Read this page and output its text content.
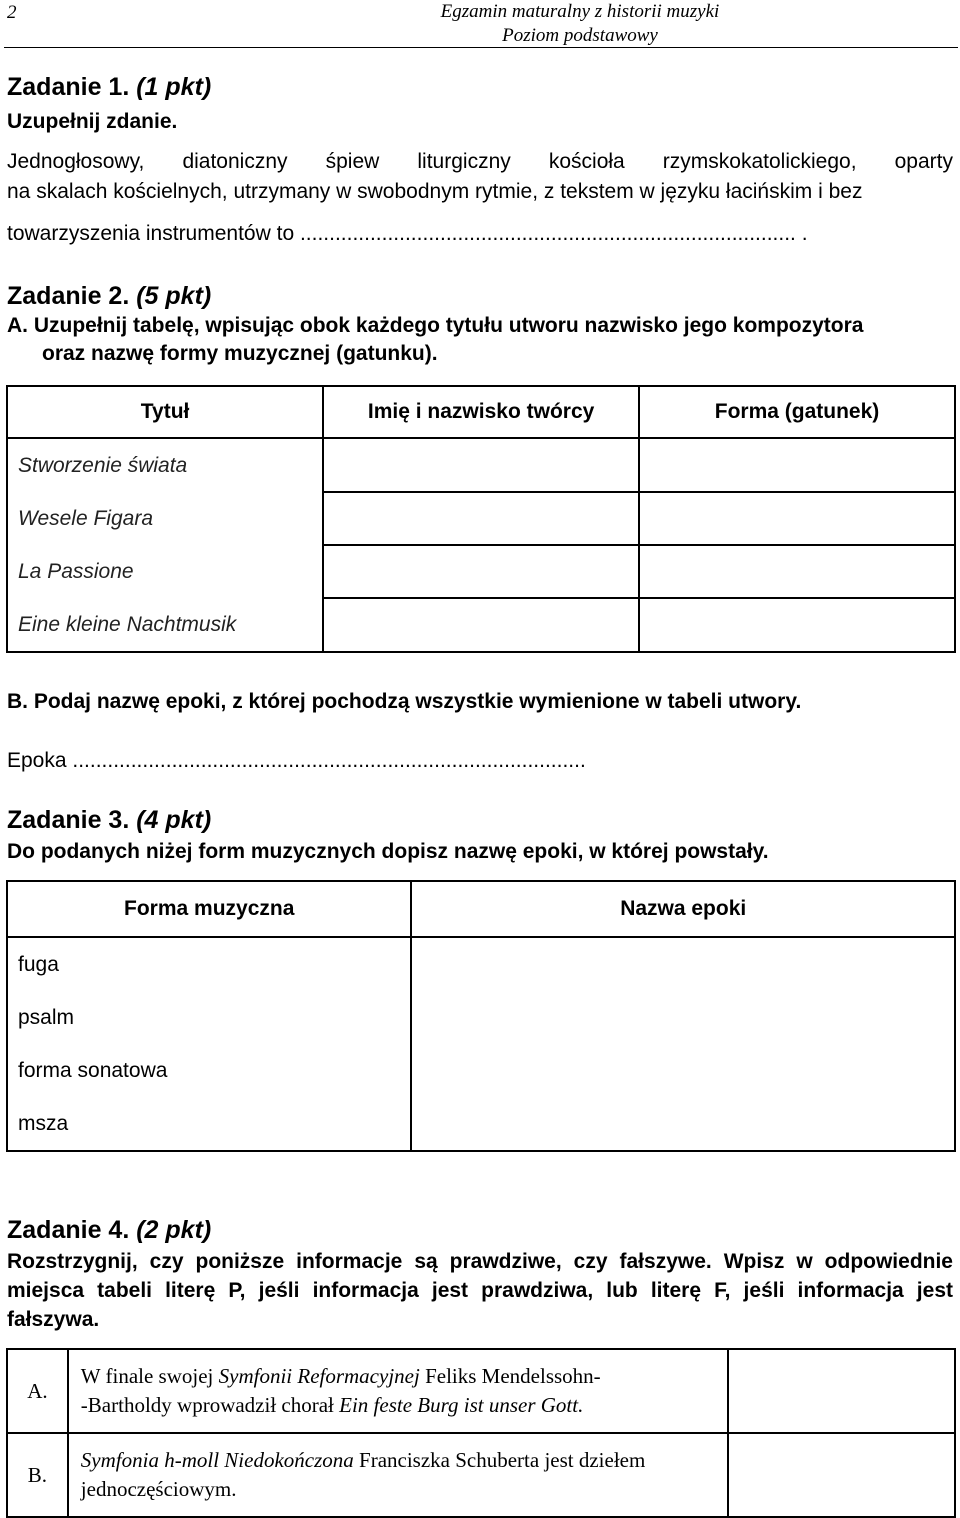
2	Egzamin maturalny z historii muzyki
Poziom podstawowy
Zadanie 1. (1 pkt)
Uzupełnij zdanie.
Jednogłosowy, diatoniczny śpiew liturgiczny kościoła rzymskokatolickiego, oparty
na skalach kościelnych, utrzymany w swobodnym rytmie, z tekstem w języku łacińskim i bez
towarzyszenia instrumentów to ..................................................................................... .
Zadanie 2. (5 pkt)
A. Uzupełnij tabelę, wpisując obok każdego tytułu utworu nazwisko jego kompozytora
oraz nazwę formy muzycznej (gatunku).
Tytuł	Imię i nazwisko twórcy	Forma (gatunek)
Stworzenie świata		
Wesele Figara		
La Passione		
Eine kleine Nachtmusik		
B. Podaj nazwę epoki, z której pochodzą wszystkie wymienione w tabeli utwory.
Epoka ........................................................................................
Zadanie 3. (4 pkt)
Do podanych niżej form muzycznych dopisz nazwę epoki, w której powstały.
Forma muzyczna	Nazwa epoki
fuga	
psalm	
forma sonatowa	
msza	
Zadanie 4. (2 pkt)
Rozstrzygnij, czy poniższe informacje są prawdziwe, czy fałszywe. Wpisz w odpowiednie
miejsca tabeli literę P, jeśli informacja jest prawdziwa, lub literę F, jeśli informacja jest
fałszywa.
A.	W finale swojej Symfonii Reformacyjnej Feliks Mendelssohn-
-Bartholdy wprowadził chorał Ein feste Burg ist unser Gott.	
B.	Symfonia h-moll Niedokończona Franciszka Schuberta jest dziełem
jednoczęściowym.	
